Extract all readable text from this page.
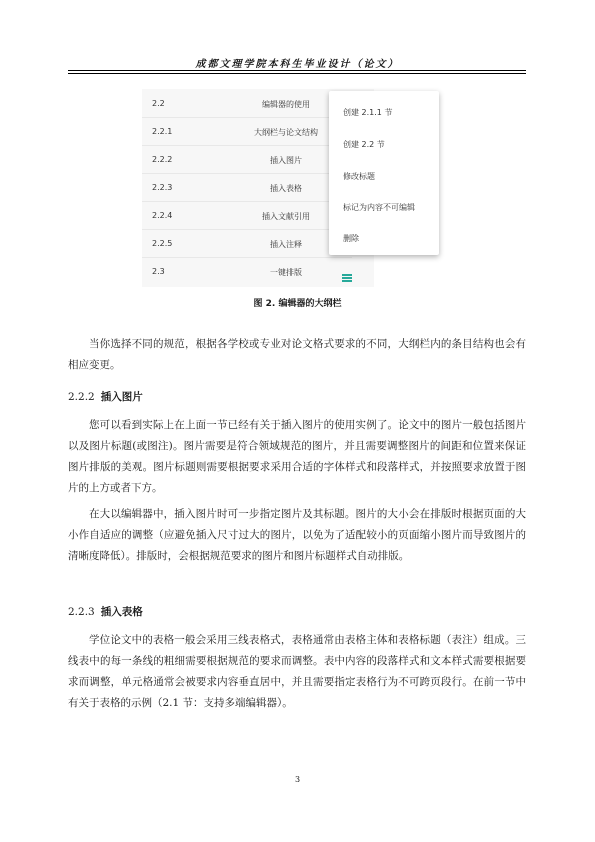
成都文理学院本科生毕业设计（论文）
2.2	编辑器的使用
2.2.1	大纲栏与论文结构
2.2.2	插入图片
2.2.3	插入表格
2.2.4	插入文献引用
2.2.5	插入注释
2.3	一键排版
创建 2.1.1 节
创建 2.2 节
修改标题
标记为内容不可编辑
删除
图 2. 编辑器的大纲栏

当你选择不同的规范，根据各学校或专业对论文格式要求的不同，大纲栏内的条目结构也会有相应变更。

2.2.2 插入图片

您可以看到实际上在上面一节已经有关于插入图片的使用实例了。论文中的图片一般包括图片以及图片标题(或图注)。图片需要是符合领域规范的图片，并且需要调整图片的间距和位置来保证图片排版的美观。图片标题则需要根据要求采用合适的字体样式和段落样式，并按照要求放置于图片的上方或者下方。

在大以编辑器中，插入图片时可一步指定图片及其标题。图片的大小会在排版时根据页面的大小作自适应的调整（应避免插入尺寸过大的图片，以免为了适配较小的页面缩小图片而导致图片的清晰度降低）。排版时，会根据规范要求的图片和图片标题样式自动排版。

2.2.3 插入表格

学位论文中的表格一般会采用三线表格式，表格通常由表格主体和表格标题（表注）组成。三线表中的每一条线的粗细需要根据规范的要求而调整。表中内容的段落样式和文本样式需要根据要求而调整，单元格通常会被要求内容垂直居中，并且需要指定表格行为不可跨页段行。在前一节中有关于表格的示例（2.1 节：支持多端编辑器）。

3
